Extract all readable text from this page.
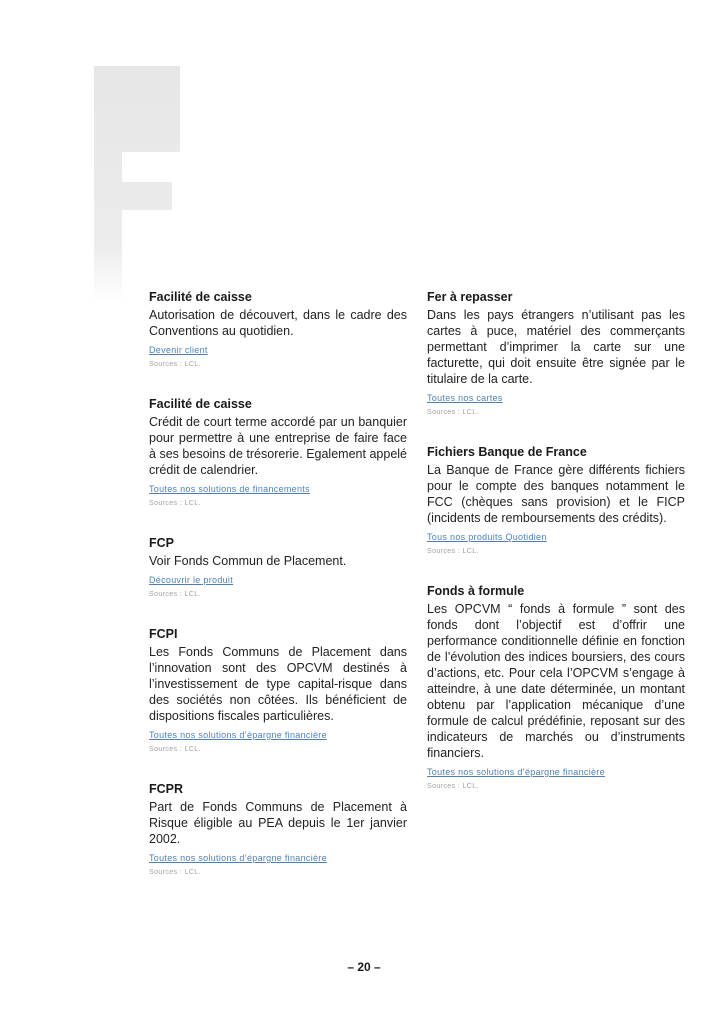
Facilité de caisse

Autorisation de découvert, dans le cadre des Conventions au quotidien.

Devenir client
Sources : LCL.
Facilité de caisse

Crédit de court terme accordé par un banquier pour permettre à une entreprise de faire face à ses besoins de trésorerie. Egalement appelé crédit de calendrier.

Toutes nos solutions de financements
Sources : LCL.
FCP

Voir Fonds Commun de Placement.

Découvrir le produit
Sources : LCL.
FCPI

Les Fonds Communs de Placement dans l’innovation sont des OPCVM destinés à l’investissement de type capital-risque dans des sociétés non côtées. Ils bénéficient de dispositions fiscales particulières.

Toutes nos solutions d’épargne financière
Sources : LCL.
FCPR

Part de Fonds Communs de Placement à Risque éligible au PEA depuis le 1er janvier 2002.

Toutes nos solutions d’épargne financière
Sources : LCL.
Fer à repasser

Dans les pays étrangers n’utilisant pas les cartes à puce, matériel des commerçants permettant d’imprimer la carte sur une facturette, qui doit ensuite être signée par le titulaire de la carte.

Toutes nos cartes
Sources : LCL.
Fichiers Banque de France

La Banque de France gère différents fichiers pour le compte des banques notamment le FCC (chèques sans provision) et le FICP (incidents de remboursements des crédits).

Tous nos produits Quotidien
Sources : LCL.
Fonds à formule

Les OPCVM “ fonds à formule ” sont des fonds dont l’objectif est d’offrir une performance conditionnelle définie en fonction de l’évolution des indices boursiers, des cours d’actions, etc. Pour cela l’OPCVM s’engage à atteindre, à une date déterminée, un montant obtenu par l’application mécanique d’une formule de calcul prédéfinie, reposant sur des indicateurs de marchés ou d’instruments financiers.

Toutes nos solutions d’épargne financière
Sources : LCL.
– 20 –
